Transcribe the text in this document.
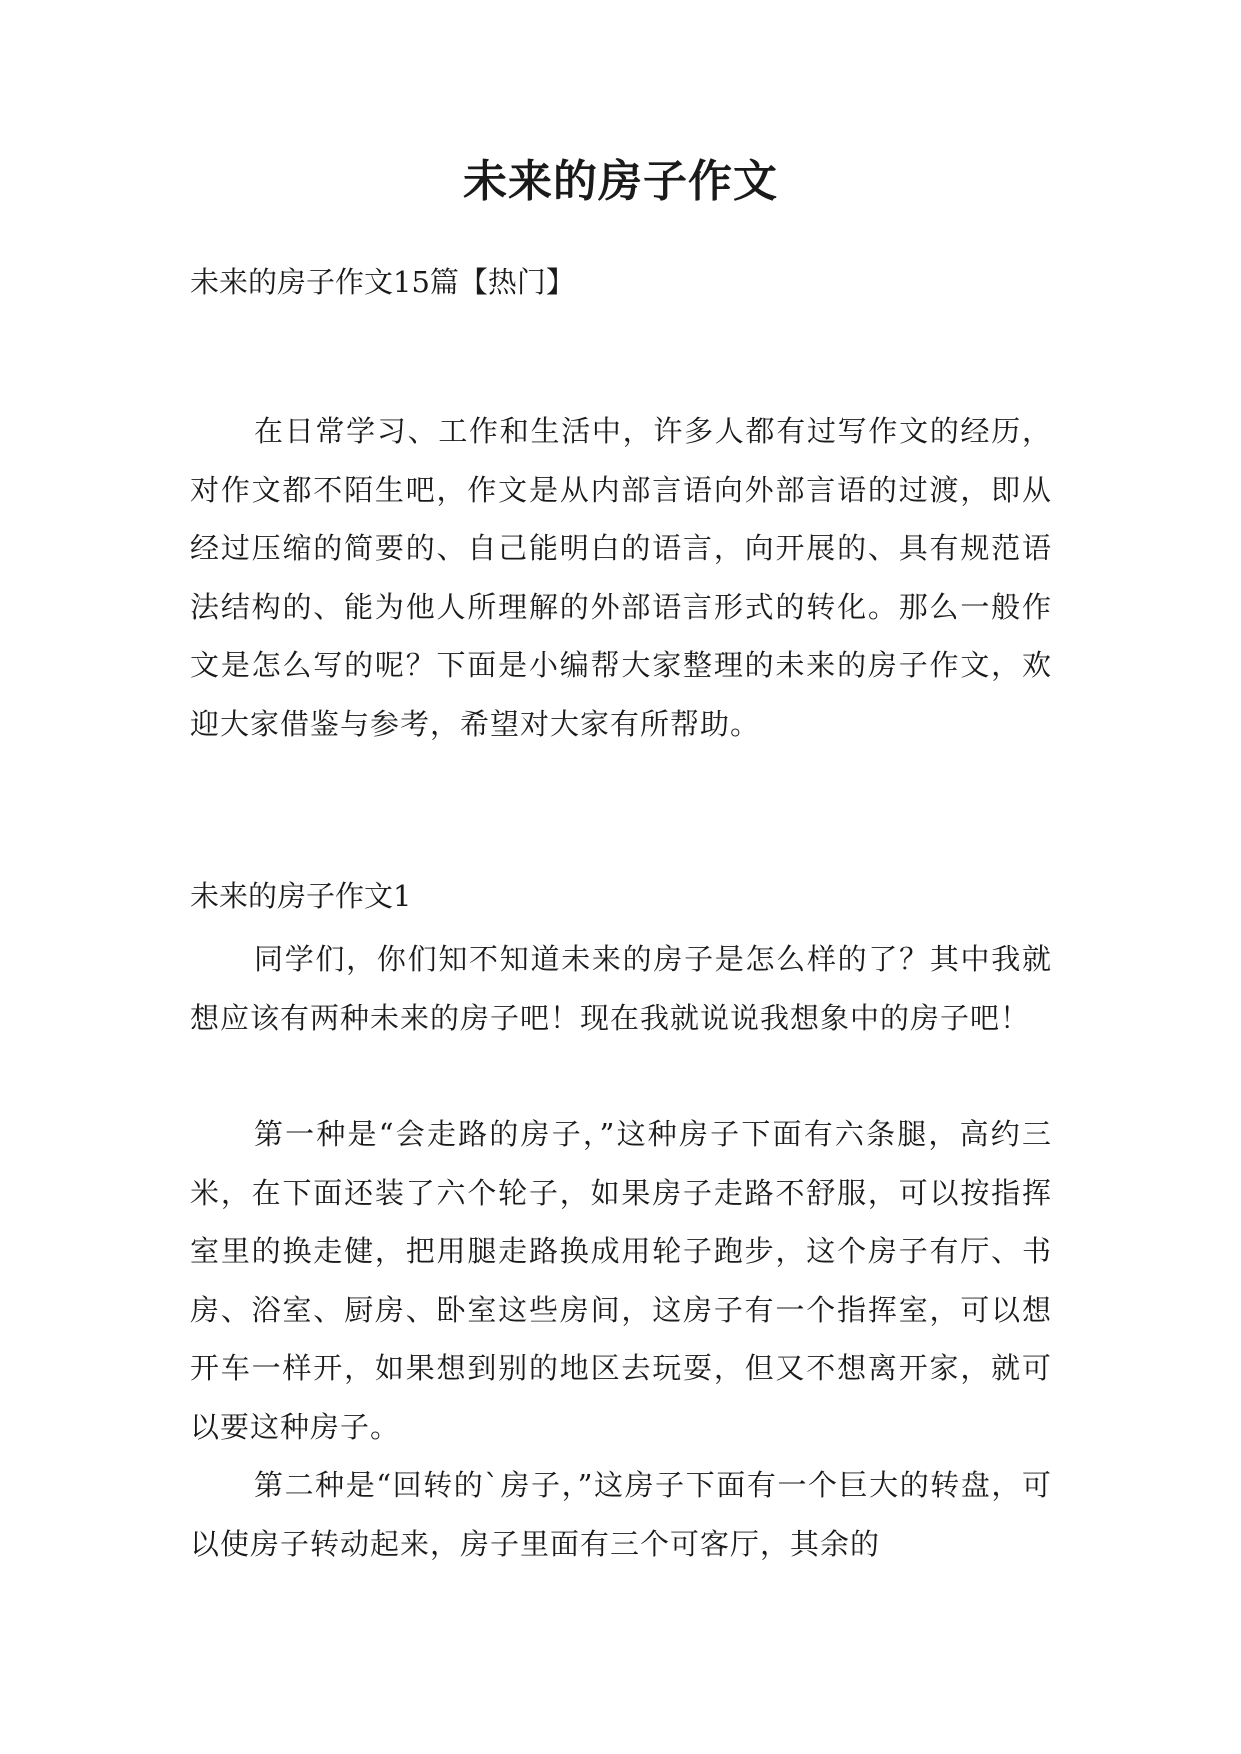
未来的房子作文

未来的房子作文15篇【热门】

在日常学习、工作和生活中，许多人都有过写作文的经历，对作文都不陌生吧，作文是从内部言语向外部言语的过渡，即从经过压缩的简要的、自己能明白的语言，向开展的、具有规范语法结构的、能为他人所理解的外部语言形式的转化。那么一般作文是怎么写的呢？下面是小编帮大家整理的未来的房子作文，欢迎大家借鉴与参考，希望对大家有所帮助。

未来的房子作文1

同学们，你们知不知道未来的房子是怎么样的了？其中我就想应该有两种未来的房子吧！现在我就说说我想象中的房子吧！

第一种是“会走路的房子，”这种房子下面有六条腿，高约三米，在下面还装了六个轮子，如果房子走路不舒服，可以按指挥室里的换走健，把用腿走路换成用轮子跑步，这个房子有厅、书房、浴室、厨房、卧室这些房间，这房子有一个指挥室，可以想开车一样开，如果想到别的地区去玩耍，但又不想离开家，就可以要这种房子。

第二种是“回转的`房子，”这房子下面有一个巨大的转盘，可以使房子转动起来，房子里面有三个可客厅，其余的
